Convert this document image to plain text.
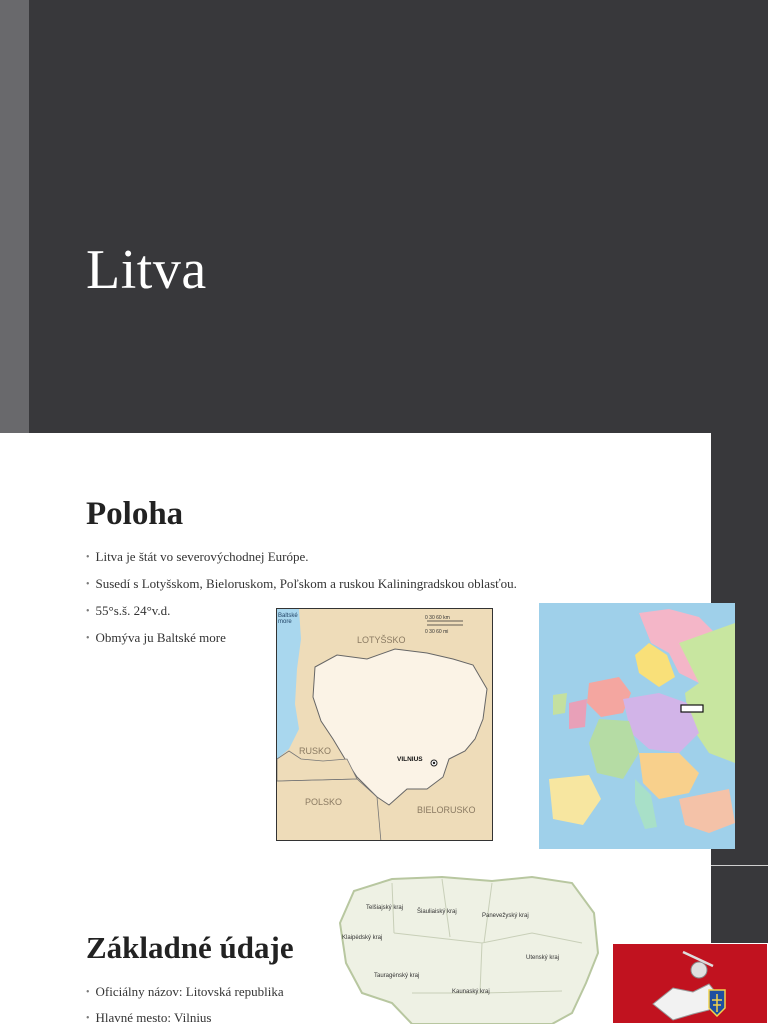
Litva
Poloha
• Litva je štát vo severovýchodnej Európe.
• Susedí s Lotyšskom, Bieloruskom, Poľskom a ruskou Kaliningradskou oblasťou.
• 55°s.š. 24°v.d.
• Obmýva ju Baltské more
Baltské
more
LOTYŠSKO
RUSKO
POLSKO
BIELORUSKO
VILNIUS
0 30 60 km
0 30 60 mi
Telšiajský kraj
Šiauliaiský kraj
Panevežyský kraj
Klaipėdský kraj
Utenský kraj
Tauragėnský kraj
Kaunaský kraj
Základné údaje
• Oficiálny názov: Litovská republika
• Hlavné mesto: Vilnius
